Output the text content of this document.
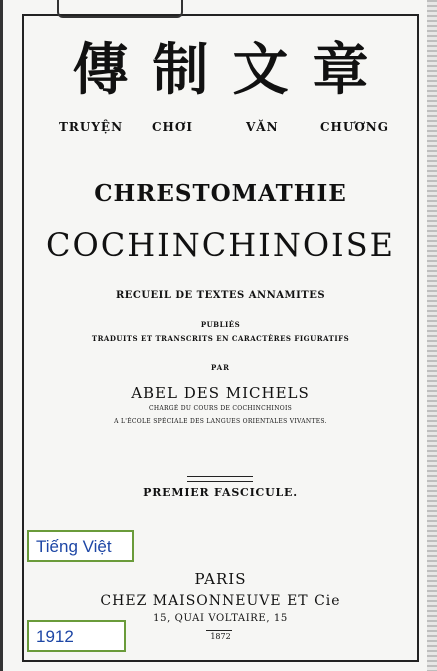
傳制文章
TRUYỆN CHƠI	VĂN	CHƯƠNG
CHRESTOMATHIE
COCHINCHINOISE
RECUEIL DE TEXTES ANNAMITES
PUBLIÉS
TRADUITS ET TRANSCRITS EN CARACTÈRES FIGURATIFS
PAR
ABEL DES MICHELS
CHARGÉ DU COURS DE COCHINCHINOIS
A L'ÉCOLE SPÉCIALE DES LANGUES ORIENTALES VIVANTES.
PREMIER FASCICULE.
PARIS
CHEZ MAISONNEUVE ET Cie
15, QUAI VOLTAIRE, 15
1872
Tiếng Việt
1912
